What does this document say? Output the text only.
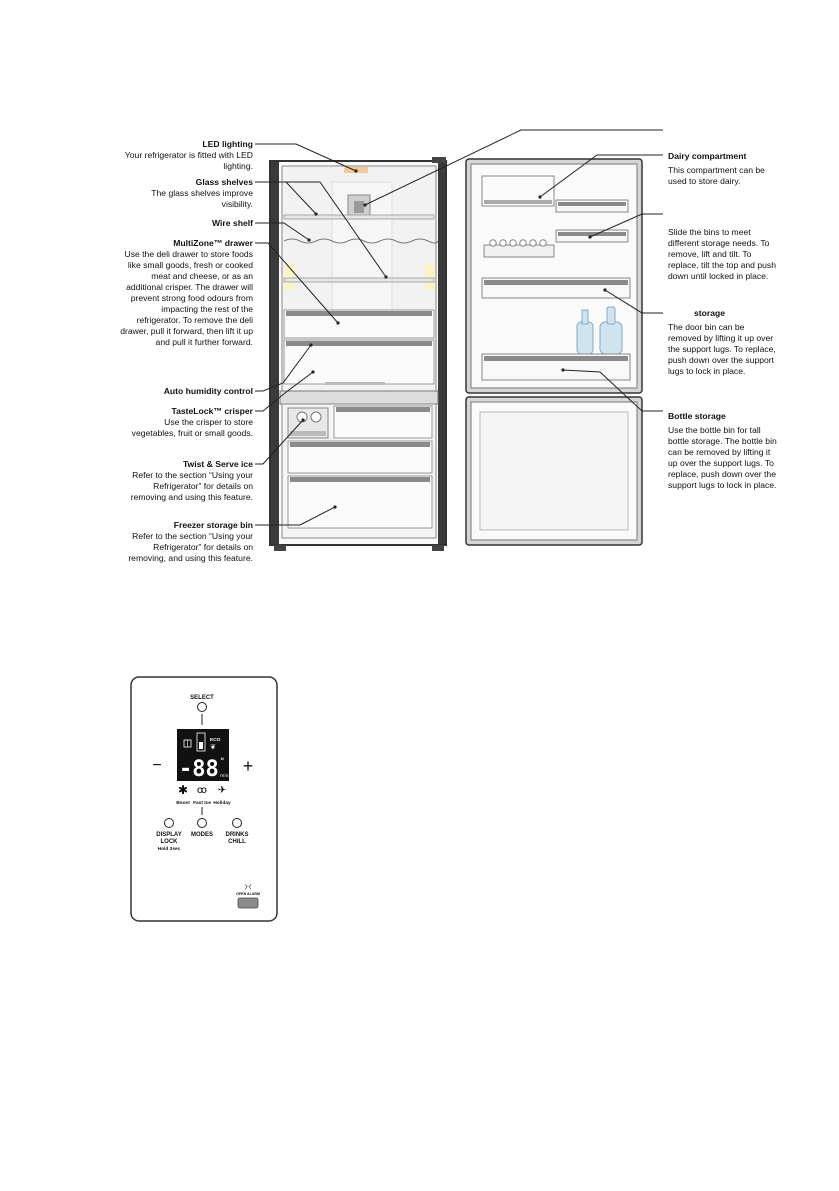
LED lighting
Your refrigerator is fitted with LED lighting.
Glass shelves
The glass shelves improve visibility.
Wire shelf
MultiZone™ drawer
Use the deli drawer to store foods like small goods, fresh or cooked meat and cheese, or as an additional crisper. The drawer will prevent strong food odours from impacting the rest of the refrigerator. To remove the deli drawer, pull it forward, then lift it up and pull it further forward.
Auto humidity control
TasteLock™ crisper
Use the crisper to store vegetables, fruit or small goods.
Twist & Serve ice
Refer to the section “Using your Refrigerator” for details on removing and using this feature.
Freezer storage bin
Refer to the section “Using your Refrigerator” for details on removing, and using this feature.
Dairy compartment
This compartment can be used to store dairy.
Slide the bins to meet different storage needs. To remove, lift and tilt. To replace, tilt the top and push down until locked in place.
storage
The door bin can be removed by lifting it up over the support lugs. To replace, push down over the support lugs to lock in place.
Bottle storage
Use the bottle bin for tall bottle storage. The bottle bin can be removed by lifting it up over the support lugs. To replace, push down over the support lugs to lock in place.
SELECT
ECO
❦
-88 °
min
−	+
✱ ꝏ ✈
Boost Fast Ice Holiday
DISPLAY
LOCK
Hold 3sec
MODES DRINKS
CHILL
)·(
OPEN ALARM
